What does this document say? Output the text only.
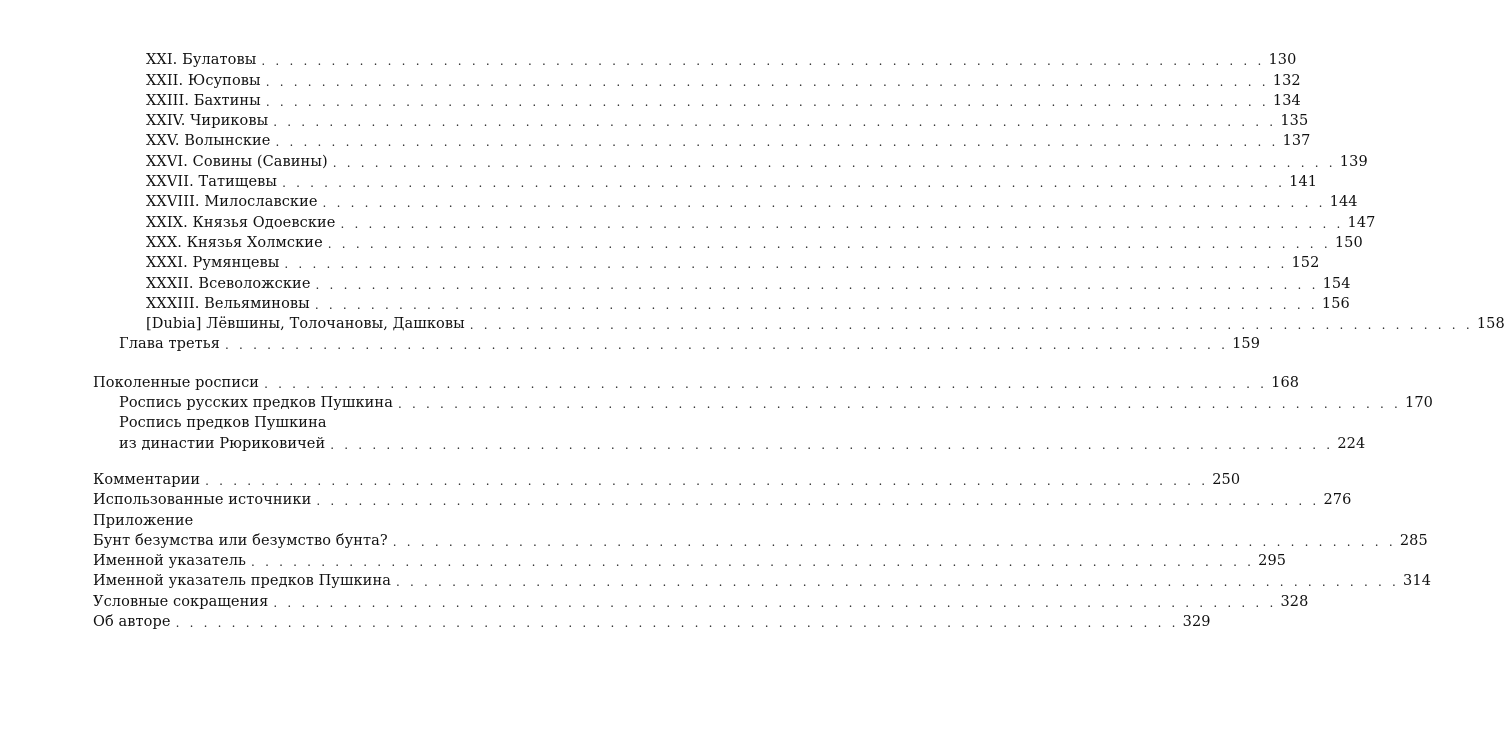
XXI. Булатовы . . . . . . . . . . . . . . . . . . . . . . . . . . . . . . . . . . . . . . . . . . . . . . . . . . . . . . . . . . . . . . . . . . . . . . . . 130
XXII. Юсуповы . . . . . . . . . . . . . . . . . . . . . . . . . . . . . . . . . . . . . . . . . . . . . . . . . . . . . . . . . . . . . . . . . . . . . . . . 132
XXIII. Бахтины . . . . . . . . . . . . . . . . . . . . . . . . . . . . . . . . . . . . . . . . . . . . . . . . . . . . . . . . . . . . . . . . . . . . . . . . 134
XXIV. Чириковы . . . . . . . . . . . . . . . . . . . . . . . . . . . . . . . . . . . . . . . . . . . . . . . . . . . . . . . . . . . . . . . . . . . . . . . . 135
XXV. Волынские . . . . . . . . . . . . . . . . . . . . . . . . . . . . . . . . . . . . . . . . . . . . . . . . . . . . . . . . . . . . . . . . . . . . . . . . 137
XXVI. Совины (Савины) . . . . . . . . . . . . . . . . . . . . . . . . . . . . . . . . . . . . . . . . . . . . . . . . . . . . . . . . . . . . . . . . . . . . . . . . 139
XXVII. Татищевы . . . . . . . . . . . . . . . . . . . . . . . . . . . . . . . . . . . . . . . . . . . . . . . . . . . . . . . . . . . . . . . . . . . . . . . . 141
XXVIII. Милославские . . . . . . . . . . . . . . . . . . . . . . . . . . . . . . . . . . . . . . . . . . . . . . . . . . . . . . . . . . . . . . . . . . . . . . . . 144
XXIX. Князья Одоевские . . . . . . . . . . . . . . . . . . . . . . . . . . . . . . . . . . . . . . . . . . . . . . . . . . . . . . . . . . . . . . . . . . . . . . . . 147
XXX. Князья Холмские . . . . . . . . . . . . . . . . . . . . . . . . . . . . . . . . . . . . . . . . . . . . . . . . . . . . . . . . . . . . . . . . . . . . . . . . 150
XXXI. Румянцевы . . . . . . . . . . . . . . . . . . . . . . . . . . . . . . . . . . . . . . . . . . . . . . . . . . . . . . . . . . . . . . . . . . . . . . . . 152
XXXII. Всеволожские . . . . . . . . . . . . . . . . . . . . . . . . . . . . . . . . . . . . . . . . . . . . . . . . . . . . . . . . . . . . . . . . . . . . . . . . 154
XXXIII. Вельяминовы . . . . . . . . . . . . . . . . . . . . . . . . . . . . . . . . . . . . . . . . . . . . . . . . . . . . . . . . . . . . . . . . . . . . . . . . 156
[Dubia] Лёвшины, Толочановы, Дашковы . . . . . . . . . . . . . . . . . . . . . . . . . . . . . . . . . . . . . . . . . . . . . . . . . . . . . . . . . . . . . . . . . . . . . . . . 158
Глава третья . . . . . . . . . . . . . . . . . . . . . . . . . . . . . . . . . . . . . . . . . . . . . . . . . . . . . . . . . . . . . . . . . . . . . . . . 159
Поколенные росписи . . . . . . . . . . . . . . . . . . . . . . . . . . . . . . . . . . . . . . . . . . . . . . . . . . . . . . . . . . . . . . . . . . . . . . . . 168
Роспись русских предков Пушкина . . . . . . . . . . . . . . . . . . . . . . . . . . . . . . . . . . . . . . . . . . . . . . . . . . . . . . . . . . . . . . . . . . . . . . . . 170
Роспись предков Пушкина
из династии Рюриковичей . . . . . . . . . . . . . . . . . . . . . . . . . . . . . . . . . . . . . . . . . . . . . . . . . . . . . . . . . . . . . . . . . . . . . . . . 224
Комментарии . . . . . . . . . . . . . . . . . . . . . . . . . . . . . . . . . . . . . . . . . . . . . . . . . . . . . . . . . . . . . . . . . . . . . . . . 250
Использованные источники . . . . . . . . . . . . . . . . . . . . . . . . . . . . . . . . . . . . . . . . . . . . . . . . . . . . . . . . . . . . . . . . . . . . . . . . 276
Приложение
Бунт безумства или безумство бунта? . . . . . . . . . . . . . . . . . . . . . . . . . . . . . . . . . . . . . . . . . . . . . . . . . . . . . . . . . . . . . . . . . . . . . . . . 285
Именной указатель . . . . . . . . . . . . . . . . . . . . . . . . . . . . . . . . . . . . . . . . . . . . . . . . . . . . . . . . . . . . . . . . . . . . . . . . 295
Именной указатель предков Пушкина . . . . . . . . . . . . . . . . . . . . . . . . . . . . . . . . . . . . . . . . . . . . . . . . . . . . . . . . . . . . . . . . . . . . . . . . 314
Условные сокращения . . . . . . . . . . . . . . . . . . . . . . . . . . . . . . . . . . . . . . . . . . . . . . . . . . . . . . . . . . . . . . . . . . . . . . . . 328
Об авторе . . . . . . . . . . . . . . . . . . . . . . . . . . . . . . . . . . . . . . . . . . . . . . . . . . . . . . . . . . . . . . . . . . . . . . . . 329
